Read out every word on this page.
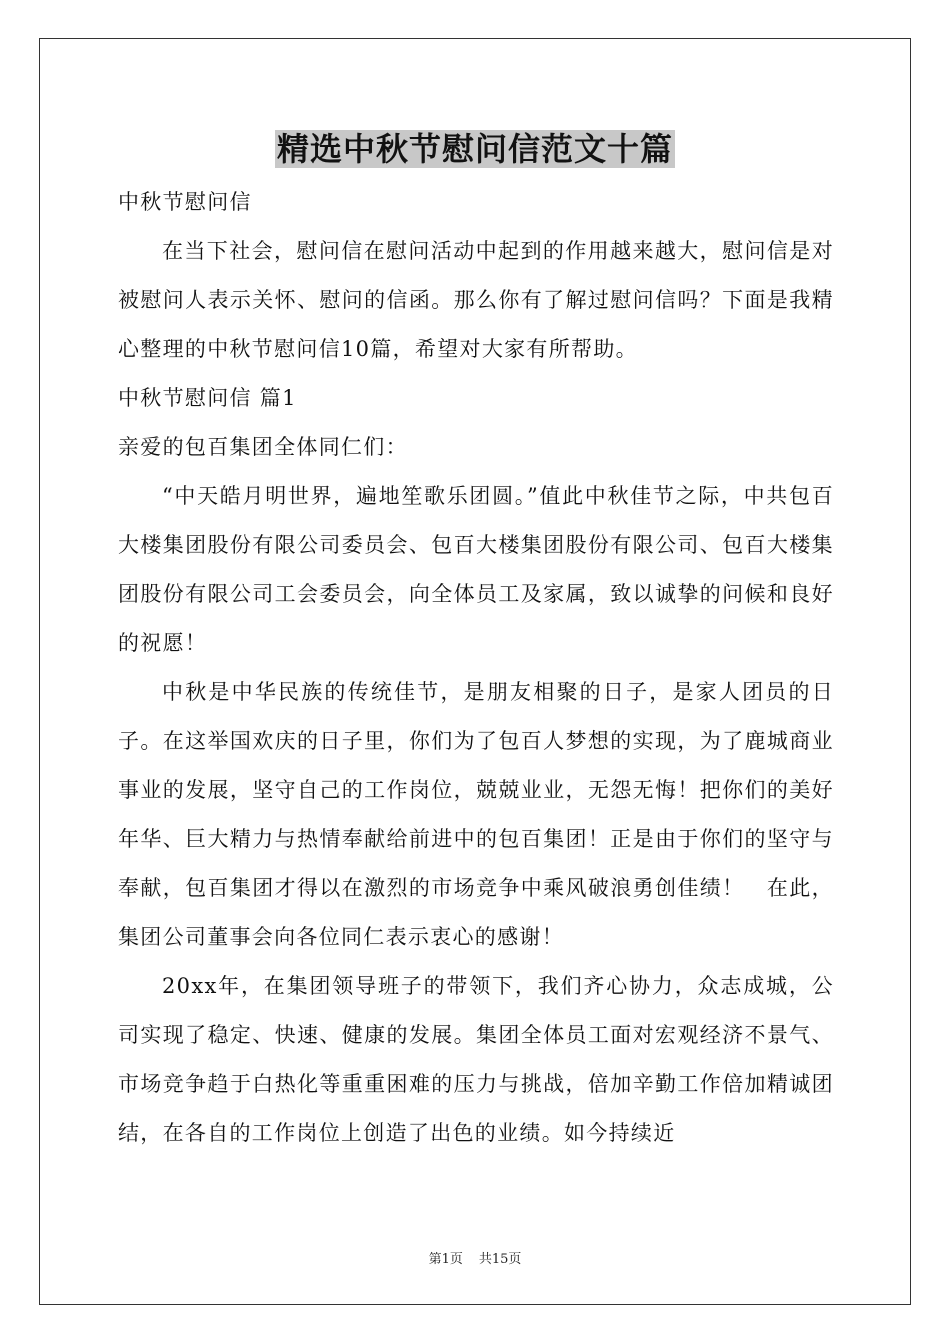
精选中秋节慰问信范文十篇

中秋节慰问信

在当下社会，慰问信在慰问活动中起到的作用越来越大，慰问信是对被慰问人表示关怀、慰问的信函。那么你有了解过慰问信吗？下面是我精心整理的中秋节慰问信10篇，希望对大家有所帮助。

中秋节慰问信 篇1

亲爱的包百集团全体同仁们：

“中天皓月明世界，遍地笙歌乐团圆。”值此中秋佳节之际，中共包百大楼集团股份有限公司委员会、包百大楼集团股份有限公司、包百大楼集团股份有限公司工会委员会，向全体员工及家属，致以诚挚的问候和良好的祝愿！

中秋是中华民族的传统佳节，是朋友相聚的日子，是家人团员的日子。在这举国欢庆的日子里，你们为了包百人梦想的实现，为了鹿城商业事业的发展，坚守自己的工作岗位，兢兢业业，无怨无悔！把你们的美好年华、巨大精力与热情奉献给前进中的包百集团！正是由于你们的坚守与奉献，包百集团才得以在激烈的市场竞争中乘风破浪勇创佳绩！　在此，集团公司董事会向各位同仁表示衷心的感谢！

20xx年，在集团领导班子的带领下，我们齐心协力，众志成城，公司实现了稳定、快速、健康的发展。集团全体员工面对宏观经济不景气、市场竞争趋于白热化等重重困难的压力与挑战，倍加辛勤工作倍加精诚团结，在各自的工作岗位上创造了出色的业绩。如今持续近

第1页 共15页
